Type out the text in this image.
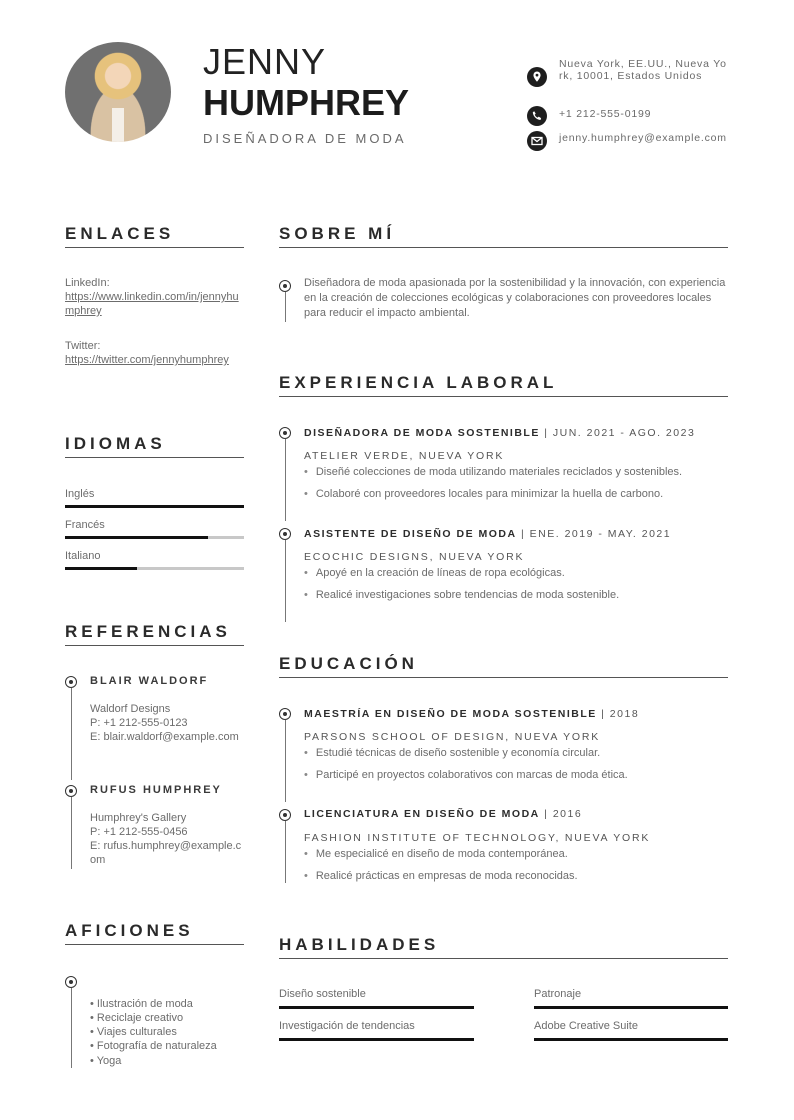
JENNY
HUMPHREY
DISEÑADORA DE MODA
Nueva York, EE.UU., Nueva York, 10001, Estados Unidos
+1 212-555-0199
jenny.humphrey@example.com
ENLACES
LinkedIn:
https://www.linkedin.com/in/jennyhumphrey
Twitter:
https://twitter.com/jennyhumphrey
IDIOMAS
Inglés
Francés
Italiano
REFERENCIAS
BLAIR WALDORF
Waldorf Designs
P: +1 212-555-0123
E: blair.waldorf@example.com
RUFUS HUMPHREY
Humphrey's Gallery
P: +1 212-555-0456
E: rufus.humphrey@example.com
AFICIONES
• Ilustración de moda
• Reciclaje creativo
• Viajes culturales
• Fotografía de naturaleza
• Yoga
SOBRE MÍ
Diseñadora de moda apasionada por la sostenibilidad y la innovación, con experiencia en la creación de colecciones ecológicas y colaboraciones con proveedores locales para reducir el impacto ambiental.
EXPERIENCIA LABORAL
DISEÑADORA DE MODA SOSTENIBLE | JUN. 2021 - AGO. 2023
ATELIER VERDE, NUEVA YORK
• Diseñé colecciones de moda utilizando materiales reciclados y sostenibles.
• Colaboré con proveedores locales para minimizar la huella de carbono.
ASISTENTE DE DISEÑO DE MODA | ENE. 2019 - MAY. 2021
ECOCHIC DESIGNS, NUEVA YORK
• Apoyé en la creación de líneas de ropa ecológicas.
• Realicé investigaciones sobre tendencias de moda sostenible.
EDUCACIÓN
MAESTRÍA EN DISEÑO DE MODA SOSTENIBLE | 2018
PARSONS SCHOOL OF DESIGN, NUEVA YORK
• Estudié técnicas de diseño sostenible y economía circular.
• Participé en proyectos colaborativos con marcas de moda ética.
LICENCIATURA EN DISEÑO DE MODA | 2016
FASHION INSTITUTE OF TECHNOLOGY, NUEVA YORK
• Me especialicé en diseño de moda contemporánea.
• Realicé prácticas en empresas de moda reconocidas.
HABILIDADES
Diseño sostenible	Patronaje
Investigación de tendencias	Adobe Creative Suite
